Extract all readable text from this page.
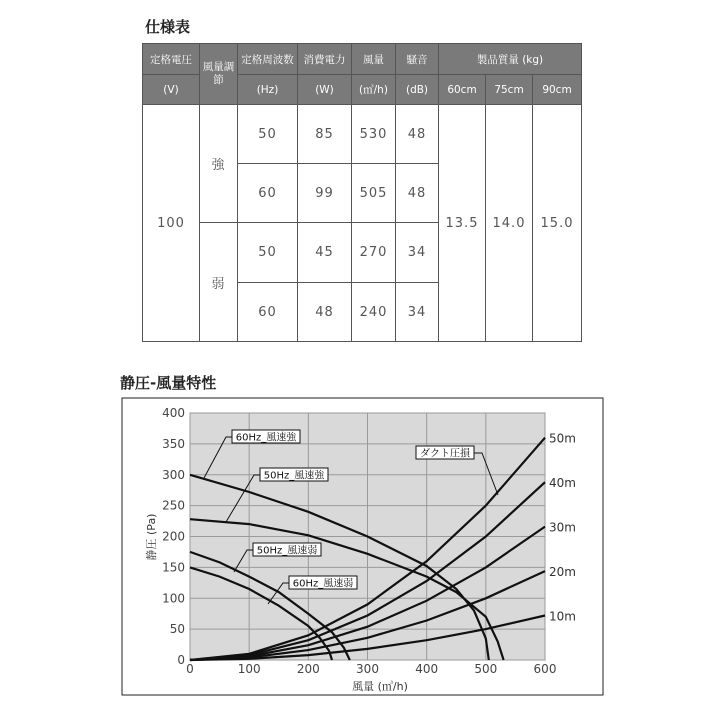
仕様表
定格電圧	風量調節	定格周波数	消費電力	風量	騒音	製品質量 (kg)		
(V)		(Hz)	(W)	(㎥/h)	(dB)	60cm	75cm	90cm
100	強	50	85	530	48	13.5	14.0	15.0
		60	99	505	48			
	弱	50	45	270	34			
		60	48	240	34			
静圧-風量特性
0	100	200	300	400	500	600
0
50
100
150
200
250
300
350
400
60Hz_風速強
50Hz_風速強
50Hz_風速弱
60Hz_風速弱
ダクト圧損
10m
20m
30m
40m
50m
風量 (㎥/h)
静圧 (Pa)
